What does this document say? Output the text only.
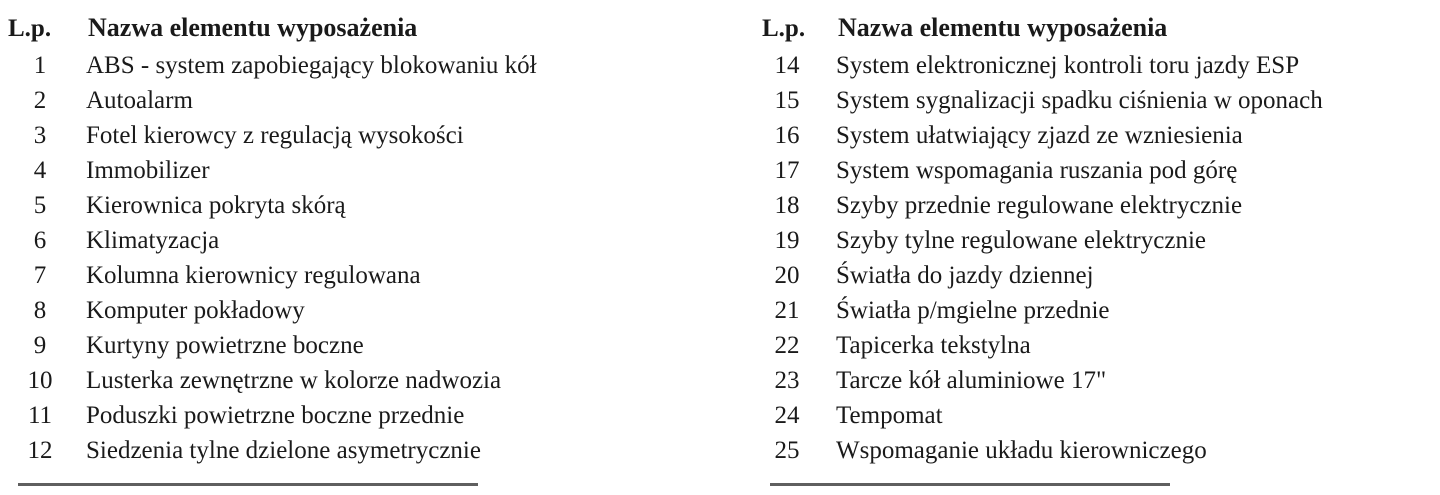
L.p.	Nazwa elementu wyposażenia
1	ABS - system zapobiegający blokowaniu kół
2	Autoalarm
3	Fotel kierowcy z regulacją wysokości
4	Immobilizer
5	Kierownica pokryta skórą
6	Klimatyzacja
7	Kolumna kierownicy regulowana
8	Komputer pokładowy
9	Kurtyny powietrzne boczne
10	Lusterka zewnętrzne w kolorze nadwozia
11	Poduszki powietrzne boczne przednie
12	Siedzenia tylne dzielone asymetrycznie
L.p.	Nazwa elementu wyposażenia
14	System elektronicznej kontroli toru jazdy ESP
15	System sygnalizacji spadku ciśnienia w oponach
16	System ułatwiający zjazd ze wzniesienia
17	System wspomagania ruszania pod górę
18	Szyby przednie regulowane elektrycznie
19	Szyby tylne regulowane elektrycznie
20	Światła do jazdy dziennej
21	Światła p/mgielne przednie
22	Tapicerka tekstylna
23	Tarcze kół aluminiowe 17"
24	Tempomat
25	Wspomaganie układu kierowniczego
